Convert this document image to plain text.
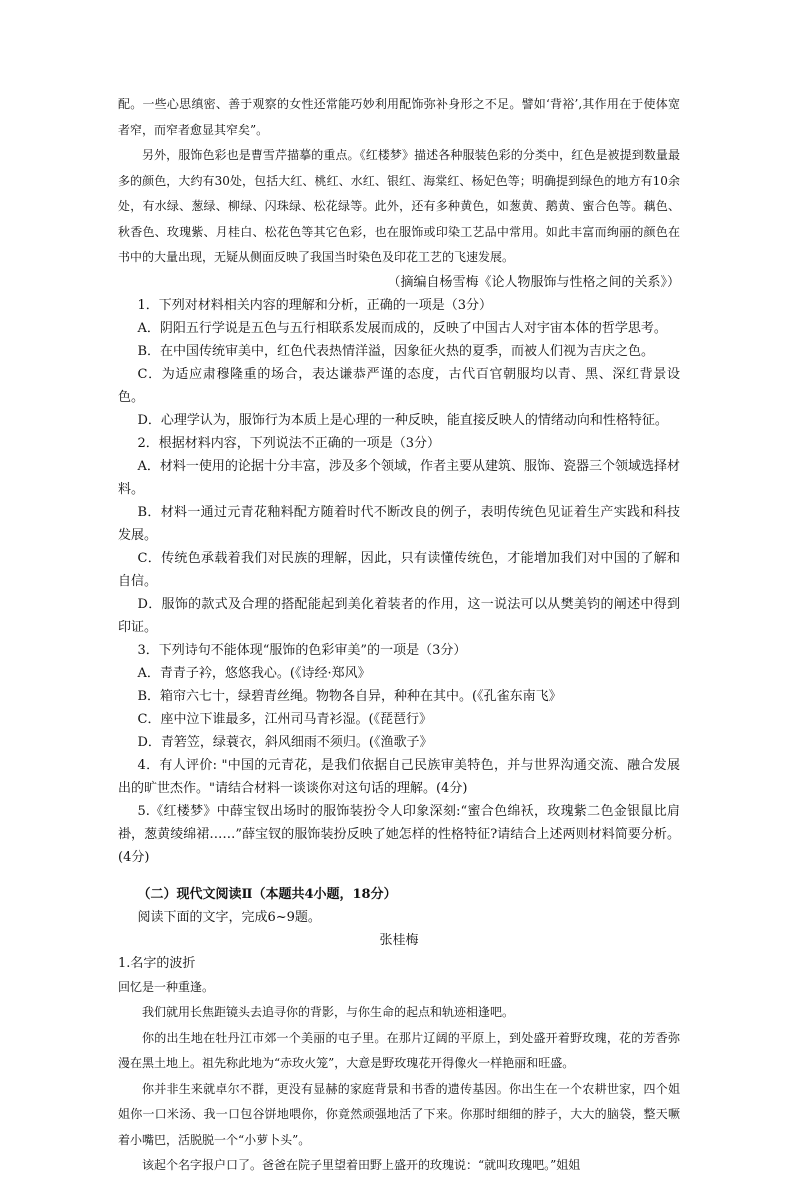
配。一些心思缜密、善于观察的女性还常能巧妙利用配饰弥补身形之不足。譬如‘背裕’,其作用在于使体宽者窄，而窄者愈显其窄矣”。

另外，服饰色彩也是曹雪芹描摹的重点。《红楼梦》描述各种服装色彩的分类中，红色是被提到数量最多的颜色，大约有30处，包括大红、桃红、水红、银红、海棠红、杨妃色等；明确提到绿色的地方有10余处，有水绿、葱绿、柳绿、闪珠绿、松花绿等。此外，还有多种黄色，如葱黄、鹅黄、蜜合色等。藕色、秋香色、玫瑰紫、月桂白、松花色等其它色彩，也在服饰或印染工艺品中常用。如此丰富而绚丽的颜色在书中的大量出现，无疑从侧面反映了我国当时染色及印花工艺的飞速发展。

（摘编自杨雪梅《论人物服饰与性格之间的关系》）

1．下列对材料相关内容的理解和分析，正确的一项是（3分）

A．阴阳五行学说是五色与五行相联系发展而成的，反映了中国古人对宇宙本体的哲学思考。

B．在中国传统审美中，红色代表热情洋溢，因象征火热的夏季，而被人们视为吉庆之色。

C．为适应肃穆隆重的场合，表达谦恭严谨的态度，古代百官朝服均以青、黑、深红背景设色。

D．心理学认为，服饰行为本质上是心理的一种反映，能直接反映人的情绪动向和性格特征。

2．根据材料内容，下列说法不正确的一项是（3分）

A．材料一使用的论据十分丰富，涉及多个领域，作者主要从建筑、服饰、瓷器三个领域选择材料。

B．材料一通过元青花釉料配方随着时代不断改良的例子，表明传统色见证着生产实践和科技发展。

C．传统色承载着我们对民族的理解，因此，只有读懂传统色，才能增加我们对中国的了解和自信。

D．服饰的款式及合理的搭配能起到美化着装者的作用，这一说法可以从樊美钧的阐述中得到印证。

3．下列诗句不能体现“服饰的色彩审美”的一项是（3分）

A．青青子衿，悠悠我心。(《诗经·郑风》

B．箱帘六七十，绿碧青丝绳。物物各自异，种种在其中。(《孔雀东南飞》

C．座中泣下谁最多，江州司马青衫湿。(《琵琶行》

D．青箬笠，绿蓑衣，斜风细雨不须归。(《渔歌子》

4．有人评价: "中国的元青花，是我们依据自己民族审美特色，并与世界沟通交流、融合发展出的旷世杰作。"请结合材料一谈谈你对这句话的理解。(4分)

5.《红楼梦》中薛宝钗出场时的服饰装扮令人印象深刻:“蜜合色绵袄，玫瑰紫二色金银鼠比肩褂，葱黄绫绵裙……”薛宝钗的服饰装扮反映了她怎样的性格特征?请结合上述两则材料简要分析。(4分)

（二）现代文阅读Ⅱ（本题共4小题，18分）

阅读下面的文字，完成6~9题。

张桂梅

1.名字的波折

回忆是一种重逢。

我们就用长焦距镜头去追寻你的背影，与你生命的起点和轨迹相逢吧。

你的出生地在牡丹江市郊一个美丽的屯子里。在那片辽阔的平原上，到处盛开着野玫瑰，花的芳香弥漫在黑土地上。祖先称此地为“赤玫火笼”，大意是野玫瑰花开得像火一样艳丽和旺盛。

你并非生来就卓尔不群，更没有显赫的家庭背景和书香的遗传基因。你出生在一个农耕世家，四个姐姐你一口米汤、我一口包谷饼地喂你，你竟然顽强地活了下来。你那时细细的脖子，大大的脑袋，整天噘着小嘴巴，活脱脱一个“小萝卜头”。

该起个名字报户口了。爸爸在院子里望着田野上盛开的玫瑰说：“就叫玫瑰吧。”姐姐
